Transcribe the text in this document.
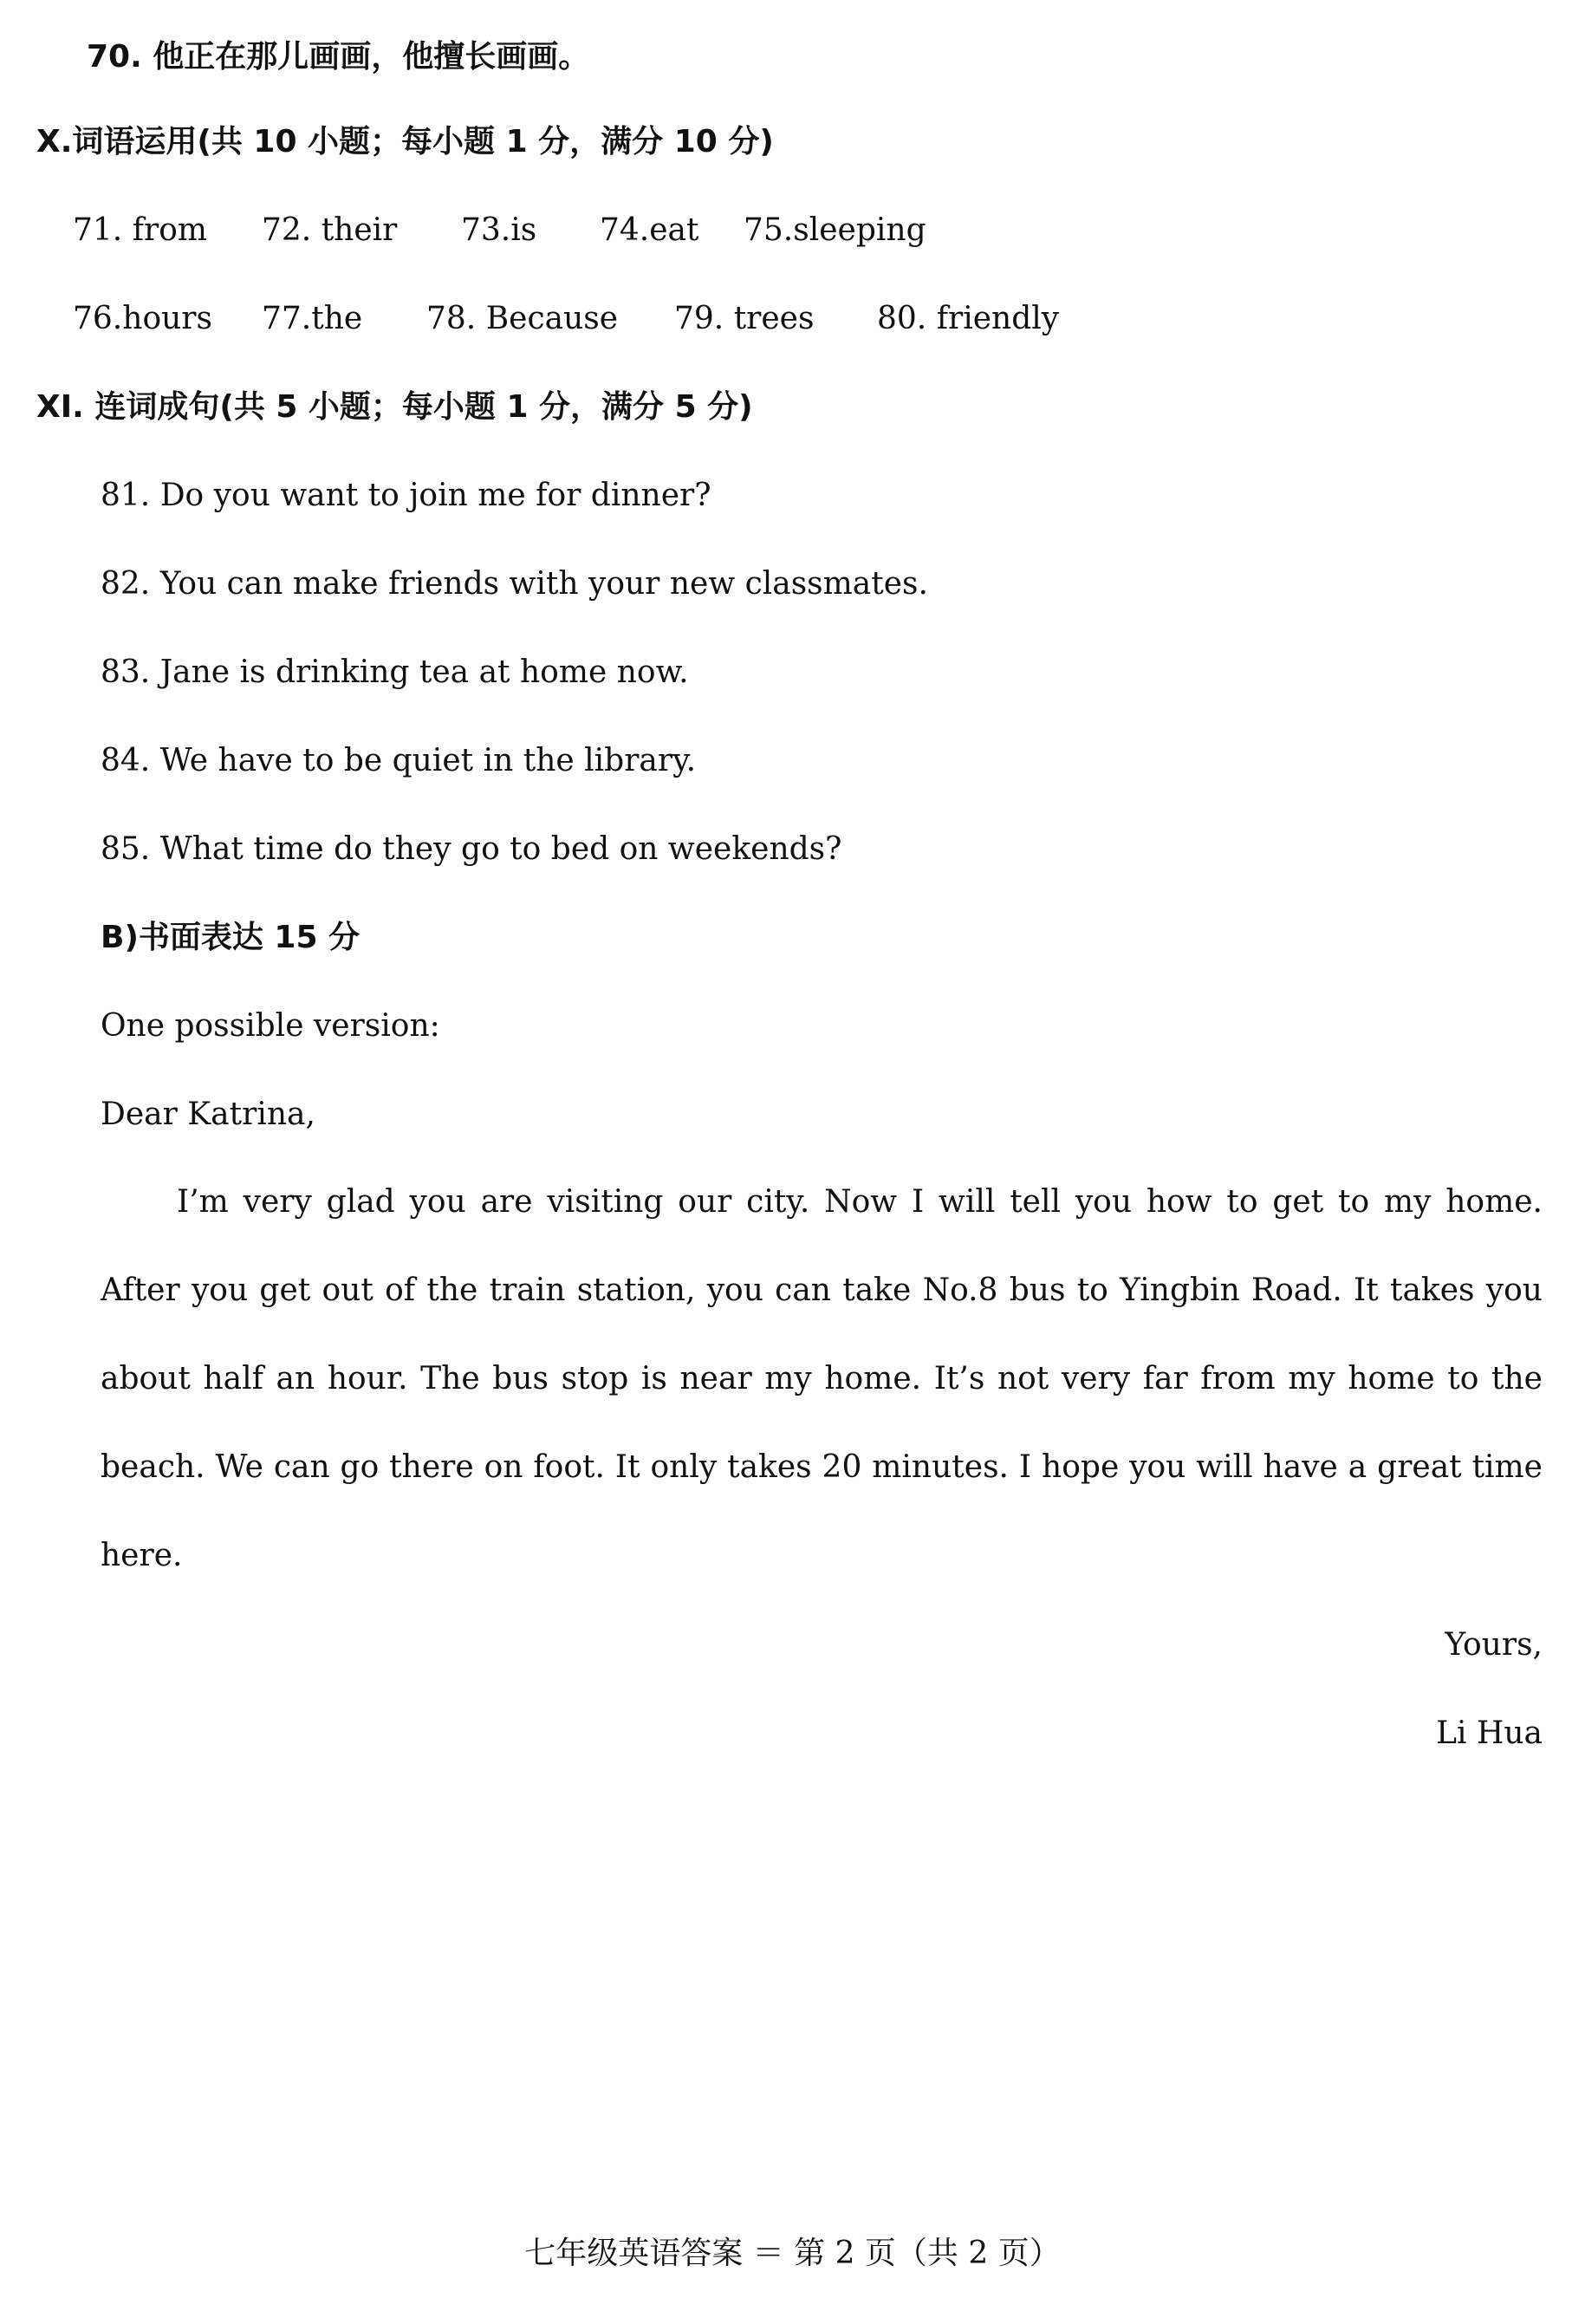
70. 他正在那儿画画，他擅长画画。
X.词语运用(共 10 小题；每小题 1 分，满分 10 分)
71. from 72. their 73.is 74.eat 75.sleeping
76.hours 77.the 78. Because 79. trees 80. friendly
XI. 连词成句(共 5 小题；每小题 1 分，满分 5 分)
81. Do you want to join me for dinner?
82. You can make friends with your new classmates.
83. Jane is drinking tea at home now.
84. We have to be quiet in the library.
85. What time do they go to bed on weekends?
B)书面表达 15 分
One possible version:
Dear Katrina,
I’m very glad you are visiting our city. Now I will tell you how to get to my home. After you get out of the train station, you can take No.8 bus to Yingbin Road. It takes you about half an hour. The bus stop is near my home. It’s not very far from my home to the beach. We can go there on foot. It only takes 20 minutes. I hope you will have a great time here.
Yours,
Li Hua
七年级英语答案 ＝ 第 2 页（共 2 页）
